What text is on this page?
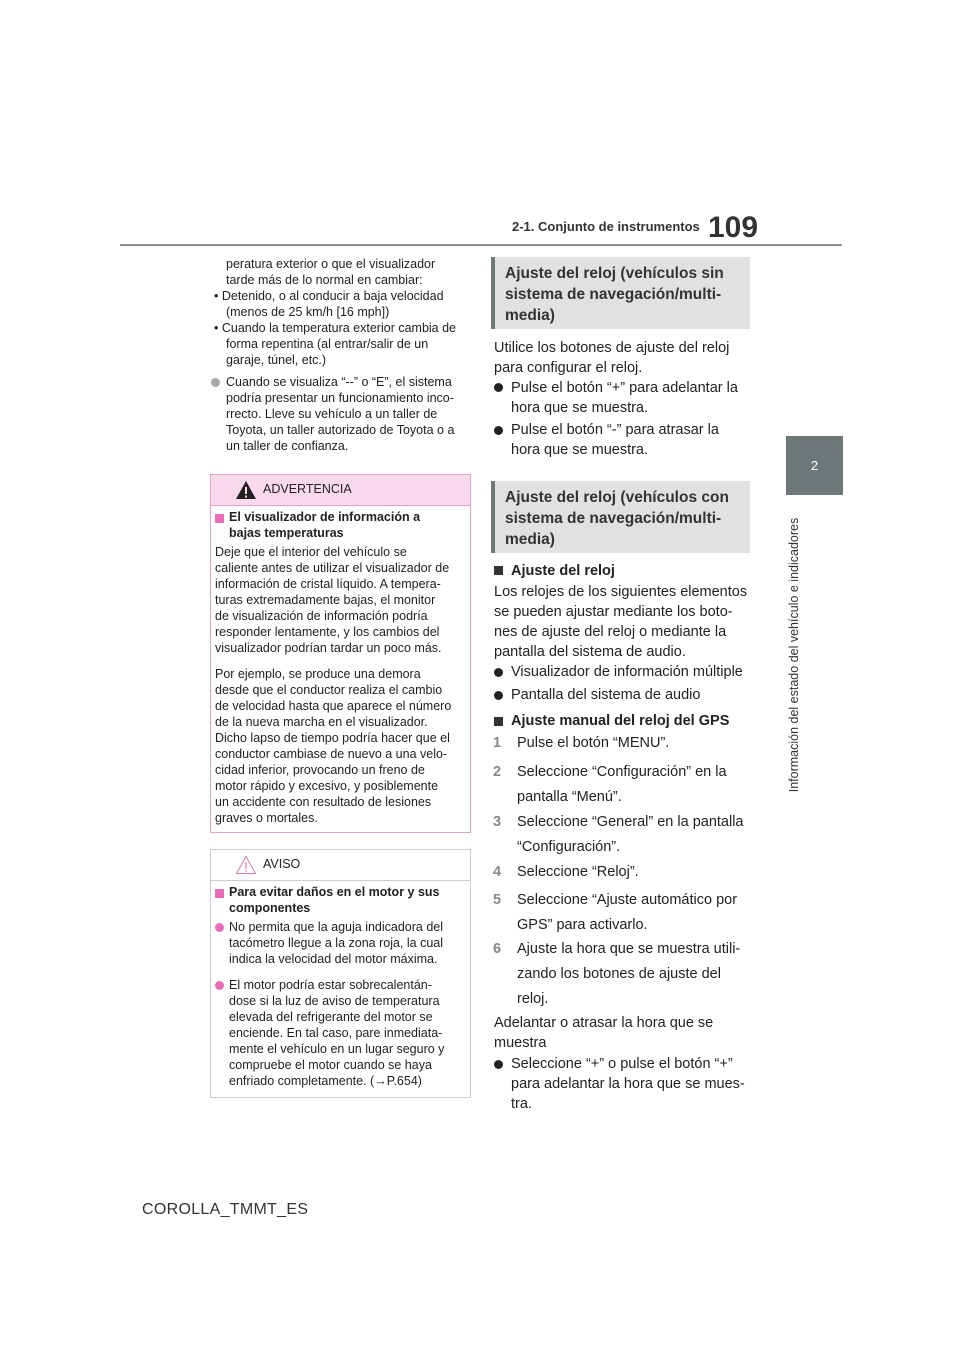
109
2-1. Conjunto de instrumentos
2
Información del estado del vehículo e indicadores
peratura exterior o que el visualizador
tarde más de lo normal en cambiar:
• Detenido, o al conducir a baja velocidad
(menos de 25 km/h [16 mph])
• Cuando la temperatura exterior cambia de
forma repentina (al entrar/salir de un
garaje, túnel, etc.)
Cuando se visualiza “--” o “E”, el sistema
podría presentar un funcionamiento inco-
rrecto. Lleve su vehículo a un taller de
Toyota, un taller autorizado de Toyota o a
un taller de confianza.
ADVERTENCIA
El visualizador de información a
bajas temperaturas
Deje que el interior del vehículo se
caliente antes de utilizar el visualizador de
información de cristal líquido. A tempera-
turas extremadamente bajas, el monitor
de visualización de información podría
responder lentamente, y los cambios del
visualizador podrían tardar un poco más.
Por ejemplo, se produce una demora
desde que el conductor realiza el cambio
de velocidad hasta que aparece el número
de la nueva marcha en el visualizador.
Dicho lapso de tiempo podría hacer que el
conductor cambiase de nuevo a una velo-
cidad inferior, provocando un freno de
motor rápido y excesivo, y posiblemente
un accidente con resultado de lesiones
graves o mortales.
AVISO
Para evitar daños en el motor y sus
componentes
No permita que la aguja indicadora del
tacómetro llegue a la zona roja, la cual
indica la velocidad del motor máxima.
El motor podría estar sobrecalentán-
dose si la luz de aviso de temperatura
elevada del refrigerante del motor se
enciende. En tal caso, pare inmediata-
mente el vehículo en un lugar seguro y
compruebe el motor cuando se haya
enfriado completamente. (→P.654)
Ajuste del reloj (vehículos sin
sistema de navegación/multi-
media)
Utilice los botones de ajuste del reloj
para configurar el reloj.
Pulse el botón “+” para adelantar la
hora que se muestra.
Pulse el botón “-” para atrasar la
hora que se muestra.
Ajuste del reloj (vehículos con
sistema de navegación/multi-
media)
Ajuste del reloj
Los relojes de los siguientes elementos
se pueden ajustar mediante los boto-
nes de ajuste del reloj o mediante la
pantalla del sistema de audio.
Visualizador de información múltiple
Pantalla del sistema de audio
Ajuste manual del reloj del GPS
1 Pulse el botón “MENU”.
2 Seleccione “Configuración” en la
pantalla “Menú”.
3 Seleccione “General” en la pantalla
“Configuración”.
4 Seleccione “Reloj”.
5 Seleccione “Ajuste automático por
GPS” para activarlo.
6 Ajuste la hora que se muestra utili-
zando los botones de ajuste del
reloj.
Adelantar o atrasar la hora que se
muestra
Seleccione “+” o pulse el botón “+”
para adelantar la hora que se mues-
tra.
COROLLA_TMMT_ES
